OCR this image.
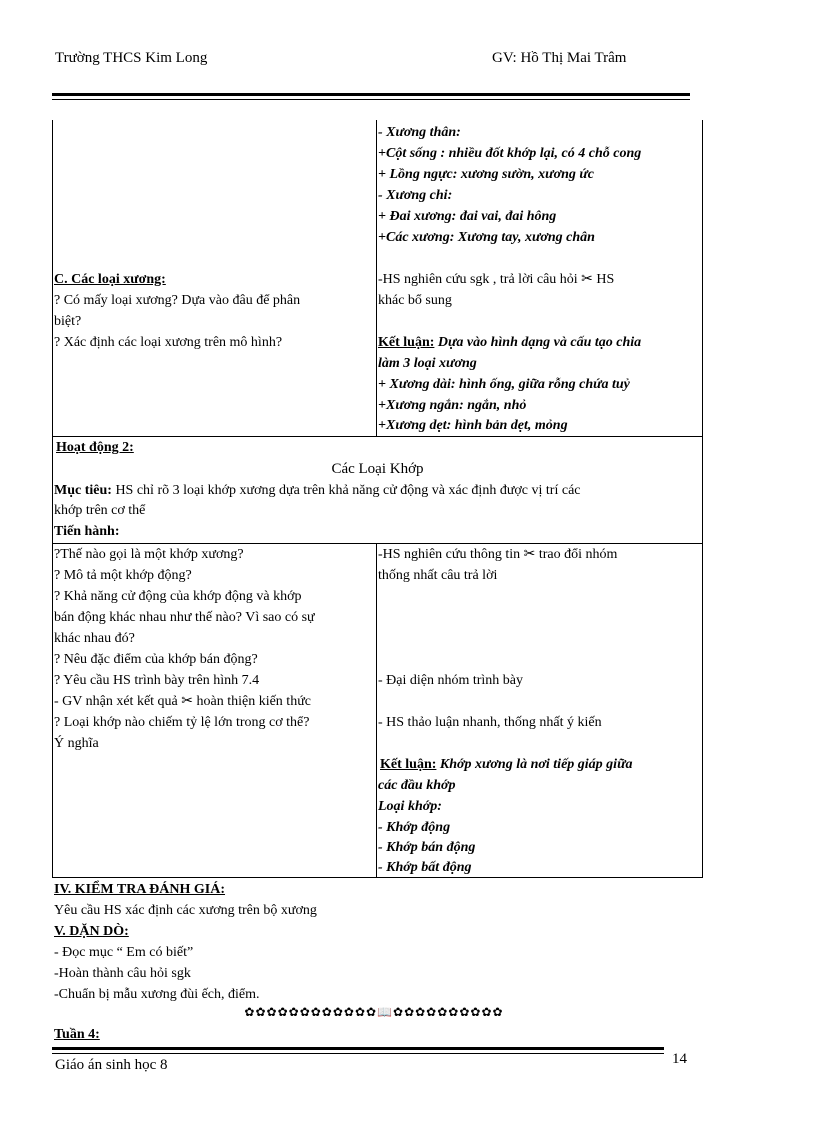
Trường THCS Kim Long	GV: Hồ Thị Mai Trâm
- Xương thân:
+Cột sống : nhiều đốt khớp lại, có 4 chỗ cong
+ Lồng ngực: xương sườn, xương ức
- Xương chi:
+ Đai xương: đai vai, đai hông
+Các xương: Xương tay, xương chân
C. Các loại xương:
? Có mấy loại xương? Dựa vào đâu để phân
biệt?
? Xác định các loại xương trên mô hình?
-HS nghiên cứu sgk , trả lời câu hỏi ✂ HS
khác bổ sung
Kết luận: Dựa vào hình dạng và cấu tạo chia
làm 3 loại xương
+ Xương dài: hình ống, giữa rỗng chứa tuỷ
+Xương ngắn: ngắn, nhỏ
+Xương dẹt: hình bản dẹt, mỏng
Hoạt động 2:
Các Loại Khớp
Mục tiêu: HS chỉ rõ 3 loại khớp xương dựa trên khả năng cử động và xác định được vị trí các
khớp trên cơ thể
Tiến hành:
?Thế nào gọi là một khớp xương?
? Mô tả một khớp động?
? Khả năng cử động của khớp động và khớp
bán động khác nhau như thế nào? Vì sao có sự
khác nhau đó?
? Nêu đặc điểm của khớp bán động?
? Yêu cầu HS trình bày trên hình 7.4
- GV nhận xét kết quả ✂ hoàn thiện kiến thức
? Loại khớp nào chiếm tỷ lệ lớn trong cơ thể?
Ý nghĩa
-HS nghiên cứu thông tin ✂ trao đổi nhóm
thống nhất câu trả lời
- Đại diện nhóm trình bày
- HS thảo luận nhanh, thống nhất ý kiến
Kết luận: Khớp xương là nơi tiếp giáp giữa
các đầu khớp
Loại khớp:
- Khớp động
- Khớp bán động
- Khớp bất động
IV. KIỂM TRA ĐÁNH GIÁ:
Yêu cầu HS xác định các xương trên bộ xương
V. DẶN DÒ:
- Đọc mục “ Em có biết”
-Hoàn thành câu hỏi sgk
-Chuẩn bị mẫu xương đùi ếch, điểm.
✿✿✿✿✿✿✿✿✿✿✿✿📖✿✿✿✿✿✿✿✿✿✿
Tuần 4:
Giáo án sinh học 8	14
